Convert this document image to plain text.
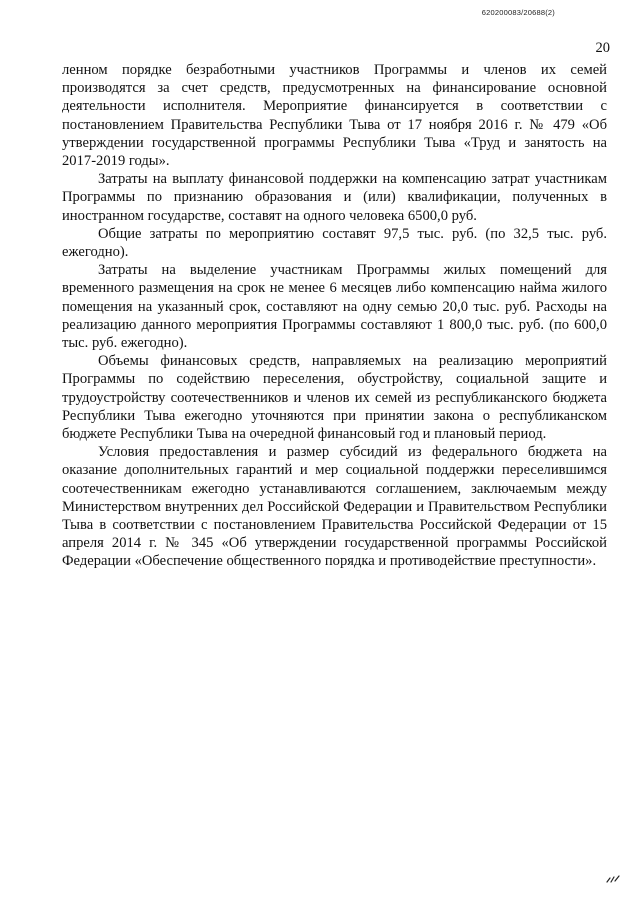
620200083/20688(2)
20

ленном порядке безработными участников Программы и членов их семей производятся за счет средств, предусмотренных на финансирование основной деятельности исполнителя. Мероприятие финансируется в соответствии с постановлением Правительства Республики Тыва от 17 ноября 2016 г. № 479 «Об утверждении государственной программы Республики Тыва «Труд и занятость на 2017-2019 годы».

Затраты на выплату финансовой поддержки на компенсацию затрат участникам Программы по признанию образования и (или) квалификации, полученных в иностранном государстве, составят на одного человека 6500,0 руб.

Общие затраты по мероприятию составят 97,5 тыс. руб. (по 32,5 тыс. руб. ежегодно).

Затраты на выделение участникам Программы жилых помещений для временного размещения на срок не менее 6 месяцев либо компенсацию найма жилого помещения на указанный срок, составляют на одну семью 20,0 тыс. руб. Расходы на реализацию данного мероприятия Программы составляют 1 800,0 тыс. руб. (по 600,0 тыс. руб. ежегодно).

Объемы финансовых средств, направляемых на реализацию мероприятий Программы по содействию переселения, обустройству, социальной защите и трудоустройству соотечественников и членов их семей из республиканского бюджета Республики Тыва ежегодно уточняются при принятии закона о республиканском бюджете Республики Тыва на очередной финансовый год и плановый период.

Условия предоставления и размер субсидий из федерального бюджета на оказание дополнительных гарантий и мер социальной поддержки переселившимся соотечественникам ежегодно устанавливаются соглашением, заключаемым между Министерством внутренних дел Российской Федерации и Правительством Республики Тыва в соответствии с постановлением Правительства Российской Федерации от 15 апреля 2014 г. № 345 «Об утверждении государственной программы Российской Федерации «Обеспечение общественного порядка и противодействие преступности».
